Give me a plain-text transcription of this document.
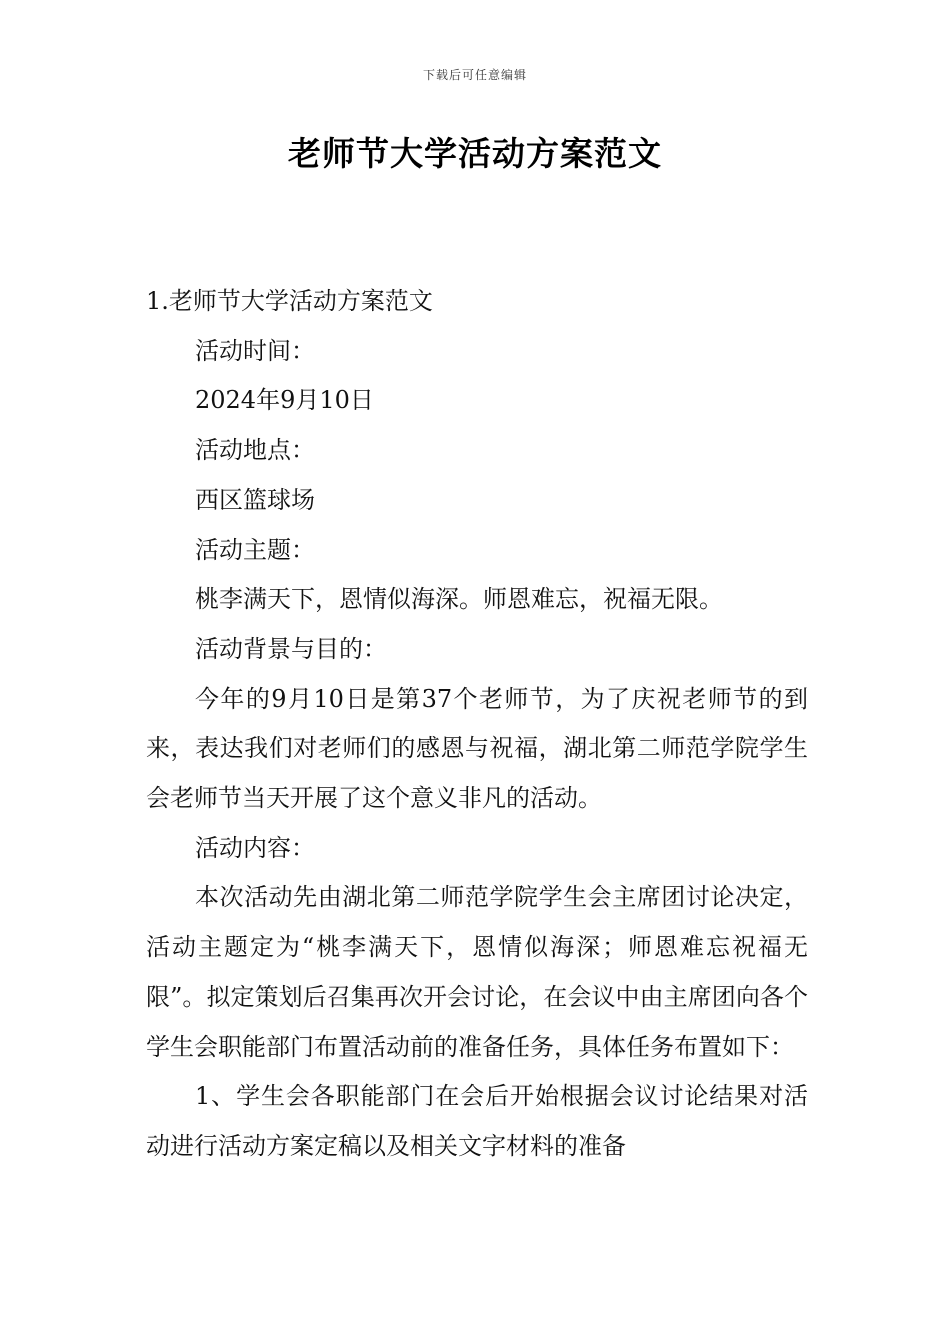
下载后可任意编辑
老师节大学活动方案范文

1.老师节大学活动方案范文

活动时间：

2024年9月10日

活动地点：

西区篮球场

活动主题：

桃李满天下，恩情似海深。师恩难忘，祝福无限。

活动背景与目的：

今年的9月10日是第37个老师节，为了庆祝老师节的到来，表达我们对老师们的感恩与祝福，湖北第二师范学院学生会老师节当天开展了这个意义非凡的活动。

活动内容：

本次活动先由湖北第二师范学院学生会主席团讨论决定，活动主题定为“桃李满天下，恩情似海深；师恩难忘祝福无限”。拟定策划后召集再次开会讨论，在会议中由主席团向各个学生会职能部门布置活动前的准备任务，具体任务布置如下：

1、学生会各职能部门在会后开始根据会议讨论结果对活动进行活动方案定稿以及相关文字材料的准备
